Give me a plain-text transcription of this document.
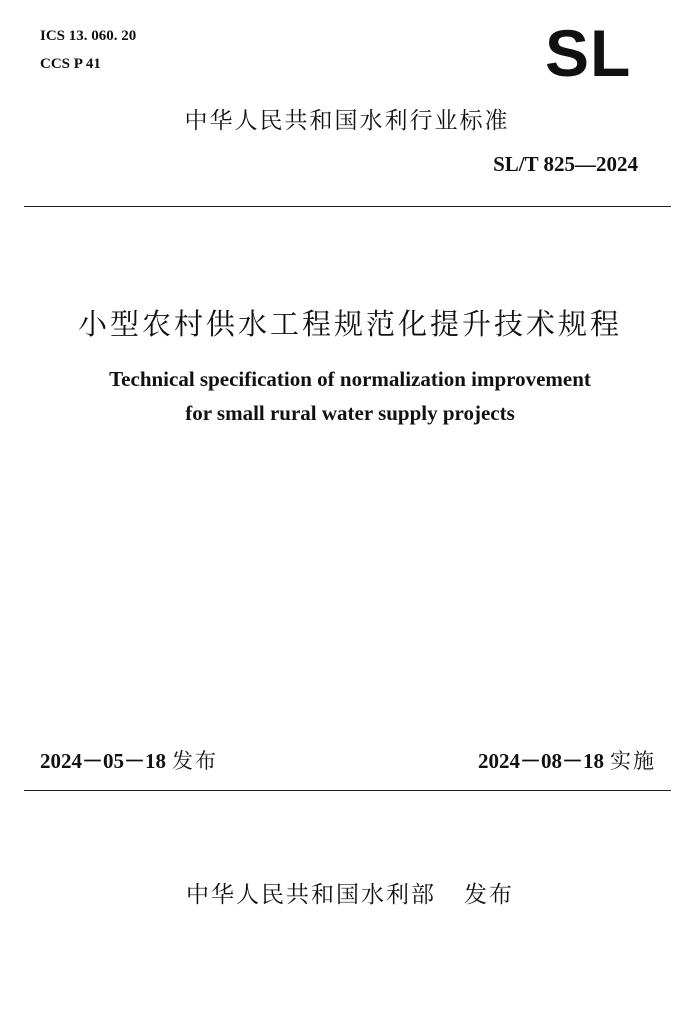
ICS 13. 060. 20
CCS P 41	SL
中华人民共和国水利行业标准
SL/T 825—2024
小型农村供水工程规范化提升技术规程
Technical specification of normalization improvement
for small rural water supply projects
2024－05－18 发布	2024－08－18 实施
中华人民共和国水利部 发布
